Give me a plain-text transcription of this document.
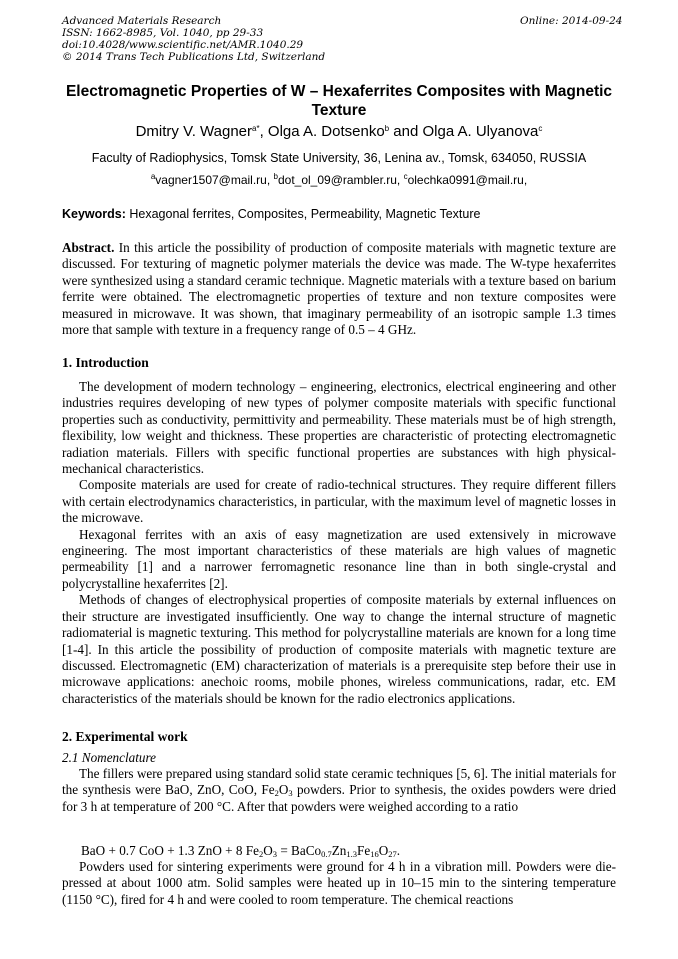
Advanced Materials Research
ISSN: 1662-8985, Vol. 1040, pp 29-33
doi:10.4028/www.scientific.net/AMR.1040.29
© 2014 Trans Tech Publications Ltd, Switzerland
Online: 2014-09-24
Electromagnetic Properties of W – Hexaferrites Composites with Magnetic Texture
Dmitry V. Wagner$^{a*}$, Olga A. Dotsenko$^b$ and Olga A. Ulyanova$^c$
Faculty of Radiophysics, Tomsk State University, 36, Lenina av., Tomsk, 634050, RUSSIA
$^a$vagner1507@mail.ru, $^b$dot_ol_09@rambler.ru, $^c$olechka0991@mail.ru,
Keywords: Hexagonal ferrites, Composites, Permeability, Magnetic Texture

Abstract. In this article the possibility of production of composite materials with magnetic texture are discussed. For texturing of magnetic polymer materials the device was made. The W-type hexaferrites were synthesized using a standard ceramic technique. Magnetic materials with a texture based on barium ferrite were obtained. The electromagnetic properties of texture and non texture composites were measured in microwave. It was shown, that imaginary permeability of an isotropic sample 1.3 times more that sample with texture in a frequency range of 0.5 – 4 GHz.

1. Introduction

The development of modern technology – engineering, electronics, electrical engineering and other industries requires developing of new types of polymer composite materials with specific functional properties such as conductivity, permittivity and permeability. These materials must be of high strength, flexibility, low weight and thickness. These properties are characteristic of protecting electromagnetic radiation materials. Fillers with specific functional properties are substances with high physical-mechanical characteristics.

Composite materials are used for create of radio-technical structures. They require different fillers with certain electrodynamics characteristics, in particular, with the maximum level of magnetic losses in the microwave.

Hexagonal ferrites with an axis of easy magnetization are used extensively in microwave engineering. The most important characteristics of these materials are high values of magnetic permeability [1] and a narrower ferromagnetic resonance line than in both single-crystal and polycrystalline hexaferrites [2].

Methods of changes of electrophysical properties of composite materials by external influences on their structure are investigated insufficiently. One way to change the internal structure of magnetic radiomaterial is magnetic texturing. This method for polycrystalline materials are known for a long time [1-4]. In this article the possibility of production of composite materials with magnetic texture are discussed. Electromagnetic (EM) characterization of materials is a prerequisite step before their use in microwave applications: anechoic rooms, mobile phones, wireless communications, radar, etc. EM characteristics of the materials should be known for the radio electronics applications.

2. Experimental work
2.1 Nomenclature

The fillers were prepared using standard solid state ceramic techniques [5, 6]. The initial materials for the synthesis were BaO, ZnO, CoO, $Fe_2O_3$ powders. Prior to synthesis, the oxides powders were dried for 3 h at temperature of 200 °C. After that powders were weighed according to a ratio

BaO + 0.7 CoO + 1.3 ZnO + 8 $Fe_2O_3$ = $BaCo_{0.7}Zn_{1.3}Fe_{16}O_{27}$.

Powders used for sintering experiments were ground for 4 h in a vibration mill. Powders were die-pressed at about 1000 atm. Solid samples were heated up in 10–15 min to the sintering temperature (1150 °C), fired for 4 h and were cooled to room temperature. The chemical reactions
